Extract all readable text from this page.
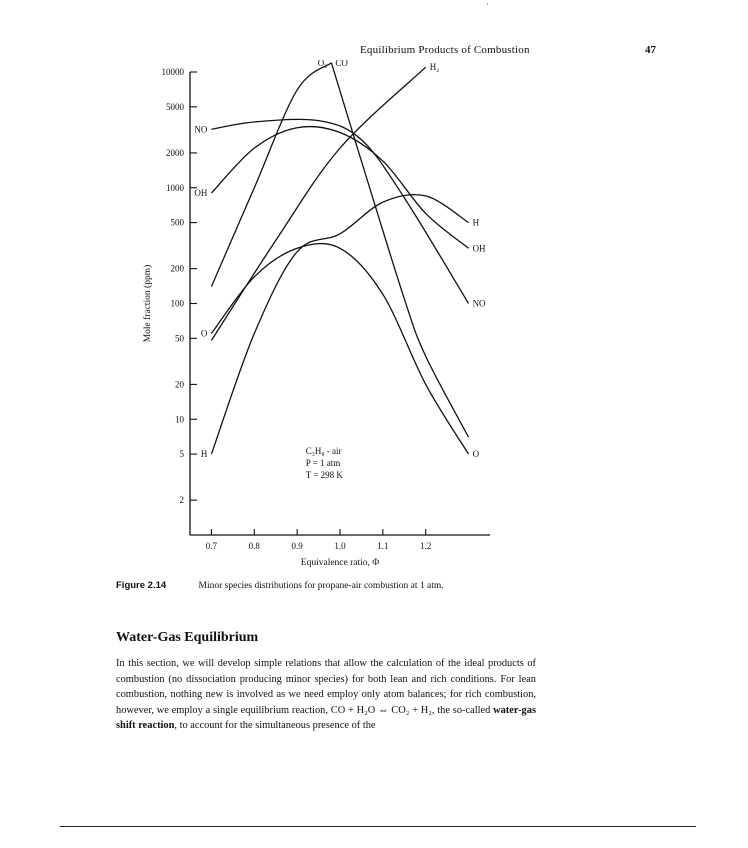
·
Equilibrium Products of Combustion	47
10000
5000
2000
1000
500
200
100
50
20
10
5
2
0.7	0.8	0.9	1.0	1.1	1.2
Equivalence ratio, Φ
Mole fraction (ppm)
CO
O₂	H₂
NO
NO
OH
OH
H
H
O
O
C₃H₈ - air
P = 1 atm
T = 298 K
Figure 2.14	Minor species distributions for propane-air combustion at 1 atm.
Water-Gas Equilibrium

In this section, we will develop simple relations that allow the calculation of the ideal products of combustion (no dissociation producing minor species) for both lean and rich conditions. For lean combustion, nothing new is involved as we need employ only atom balances; for rich combustion, however, we employ a single equilibrium reaction, CO + H₂O ⇔ CO₂ + H₂, the so-called water-gas shift reaction, to account for the simultaneous presence of the
